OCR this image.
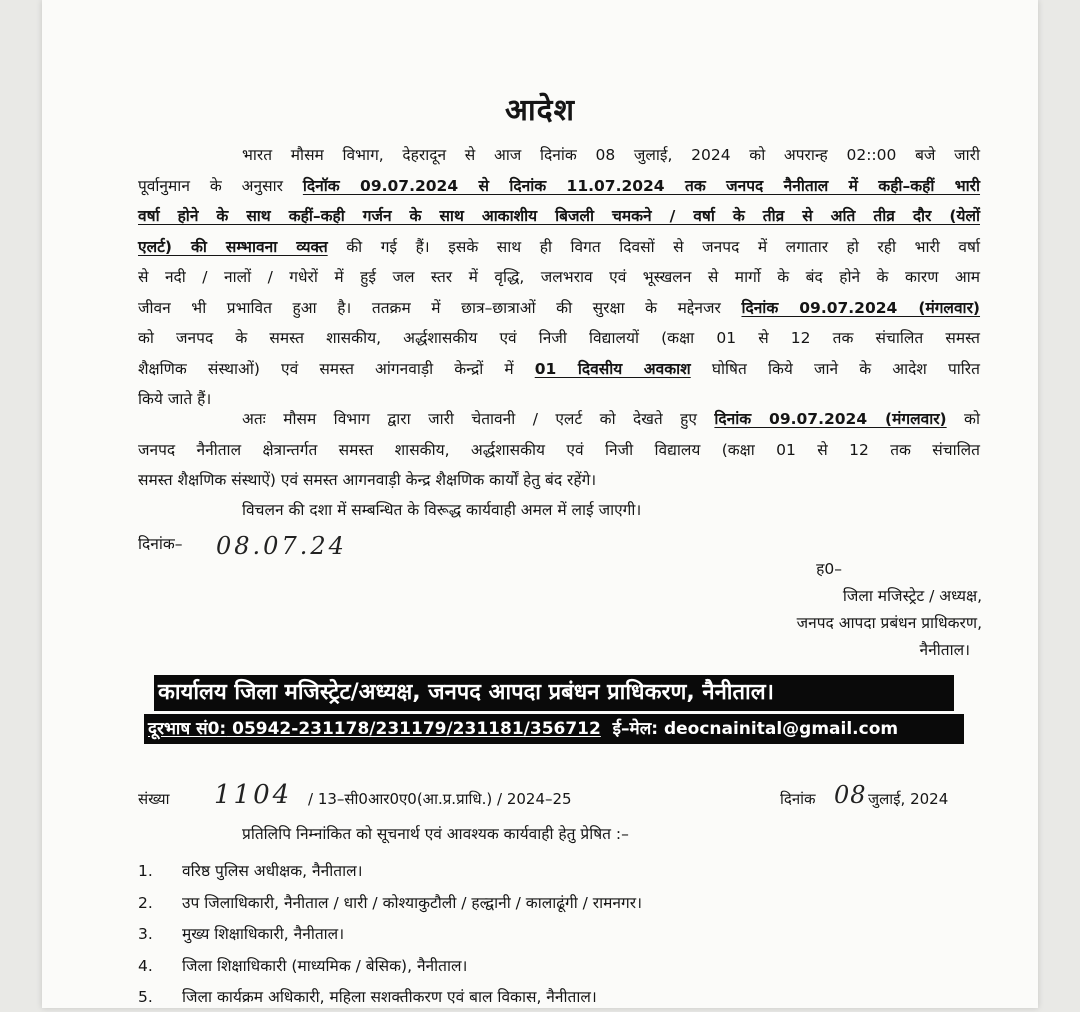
आदेश
भारत मौसम विभाग, देहरादून से आज दिनांक 08 जुलाई, 2024 को अपरान्ह 02::00 बजे जारी
पूर्वानुमान के अनुसार दिनॉक 09.07.2024 से दिनांक 11.07.2024 तक जनपद नैनीताल में कही–कहीं भारी
वर्षा होने के साथ कहीं–कही गर्जन के साथ आकाशीय बिजली चमकने / वर्षा के तीव्र से अति तीव्र दौर (येलों
एलर्ट) की सम्भावना व्यक्त की गई हैं। इसके साथ ही विगत दिवसों से जनपद में लगातार हो रही भारी वर्षा
से नदी / नालों / गधेरों में हुई जल स्तर में वृद्धि, जलभराव एवं भूस्खलन से मार्गो के बंद होने के कारण आम
जीवन भी प्रभावित हुआ है। ततक्रम में छात्र–छात्राओं की सुरक्षा के मद्देनजर दिनांक 09.07.2024 (मंगलवार)
को जनपद के समस्त शासकीय, अर्द्धशासकीय एवं निजी विद्यालयों (कक्षा 01 से 12 तक संचालित समस्त
शैक्षणिक संस्थाओं) एवं समस्त आंगनवाड़ी केन्द्रों में 01 दिवसीय अवकाश घोषित किये जाने के आदेश पारित
किये जाते हैं।
अतः मौसम विभाग द्वारा जारी चेतावनी / एलर्ट को देखते हुए दिनांक 09.07.2024 (मंगलवार) को
जनपद नैनीताल क्षेत्रान्तर्गत समस्त शासकीय, अर्द्धशासकीय एवं निजी विद्यालय (कक्षा 01 से 12 तक संचालित
समस्त शैक्षणिक संस्थाऐं) एवं समस्त आगनवाड़ी केन्द्र शैक्षणिक कार्यों हेतु बंद रहेंगे।
विचलन की दशा में सम्बन्धित के विरूद्ध कार्यवाही अमल में लाई जाएगी।
दिनांक– 08.07.24
ह0–
जिला मजिस्ट्रेट / अध्यक्ष,
जनपद आपदा प्रबंधन प्राधिकरण,
नैनीताल।
कार्यालय जिला मजिस्ट्रेट/अध्यक्ष, जनपद आपदा प्रबंधन प्राधिकरण, नैनीताल।
दूरभाष सं0: 05942-231178/231179/231181/356712  ई–मेल: deocnainital@gmail.com
संख्या 1104 / 13–सी0आर0ए0(आ.प्र.प्राधि.) / 2024–25	दिनांक 08 जुलाई, 2024
प्रतिलिपि निम्नांकित को सूचनार्थ एवं आवश्यक कार्यवाही हेतु प्रेषित :–
1. वरिष्ठ पुलिस अधीक्षक, नैनीताल।
2. उप जिलाधिकारी, नैनीताल / धारी / कोश्याकुटौली / हल्द्वानी / कालाढूंगी / रामनगर।
3. मुख्य शिक्षाधिकारी, नैनीताल।
4. जिला शिक्षाधिकारी (माध्यमिक / बेसिक), नैनीताल।
5. जिला कार्यक्रम अधिकारी, महिला सशक्तीकरण एवं बाल विकास, नैनीताल।
